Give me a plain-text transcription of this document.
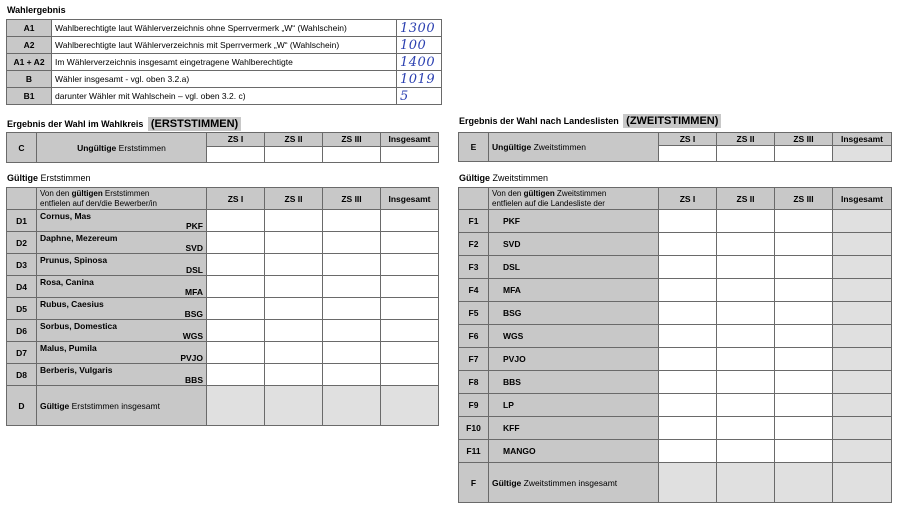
Wahlergebnis
A1	Wahlberechtigte laut Wählerverzeichnis ohne Sperrvermerk „W“ (Wahlschein)	1300
A2	Wahlberechtigte laut Wählerverzeichnis mit Sperrvermerk „W“ (Wahlschein)	100
A1 + A2	Im Wählerverzeichnis insgesamt eingetragene Wahlberechtigte	1400
B	Wähler insgesamt - vgl. oben 3.2.a)	1019
B1	darunter Wähler mit Wahlschein – vgl. oben 3.2. c)	5
Ergebnis der Wahl im Wahlkreis (ERSTSTIMMEN)
C	Ungültige Erststimmen	ZS I	ZS II	ZS III	Insgesamt

Gültige Erststimmen
	Von den gültigen Erststimmen
entfielen auf den/die Bewerber/in	ZS I	ZS II	ZS III	Insgesamt
D1	Cornus, Mas
PKF				

D2	Daphne, Mezereum
SVD				

D3	Prunus, Spinosa
DSL				

D4	Rosa, Canina
MFA				

D5	Rubus, Caesius
BSG				

D6	Sorbus, Domestica
WGS				

D7	Malus, Pumila
PVJO				

D8	Berberis, Vulgaris
BBS				

D	Gültige Erststimmen insgesamt				
Ergebnis der Wahl nach Landeslisten (ZWEITSTIMMEN)
E	Ungültige Zweitstimmen	ZS I	ZS II	ZS III	Insgesamt

Gültige Zweitstimmen
	Von den gültigen Zweitstimmen
entfielen auf die Landesliste der	ZS I	ZS II	ZS III	Insgesamt
F1	PKF				
F2	SVD				
F3	DSL				
F4	MFA				
F5	BSG				
F6	WGS				
F7	PVJO				
F8	BBS				
F9	LP				
F10	KFF				
F11	MANGO				
F	Gültige Zweitstimmen insgesamt				
